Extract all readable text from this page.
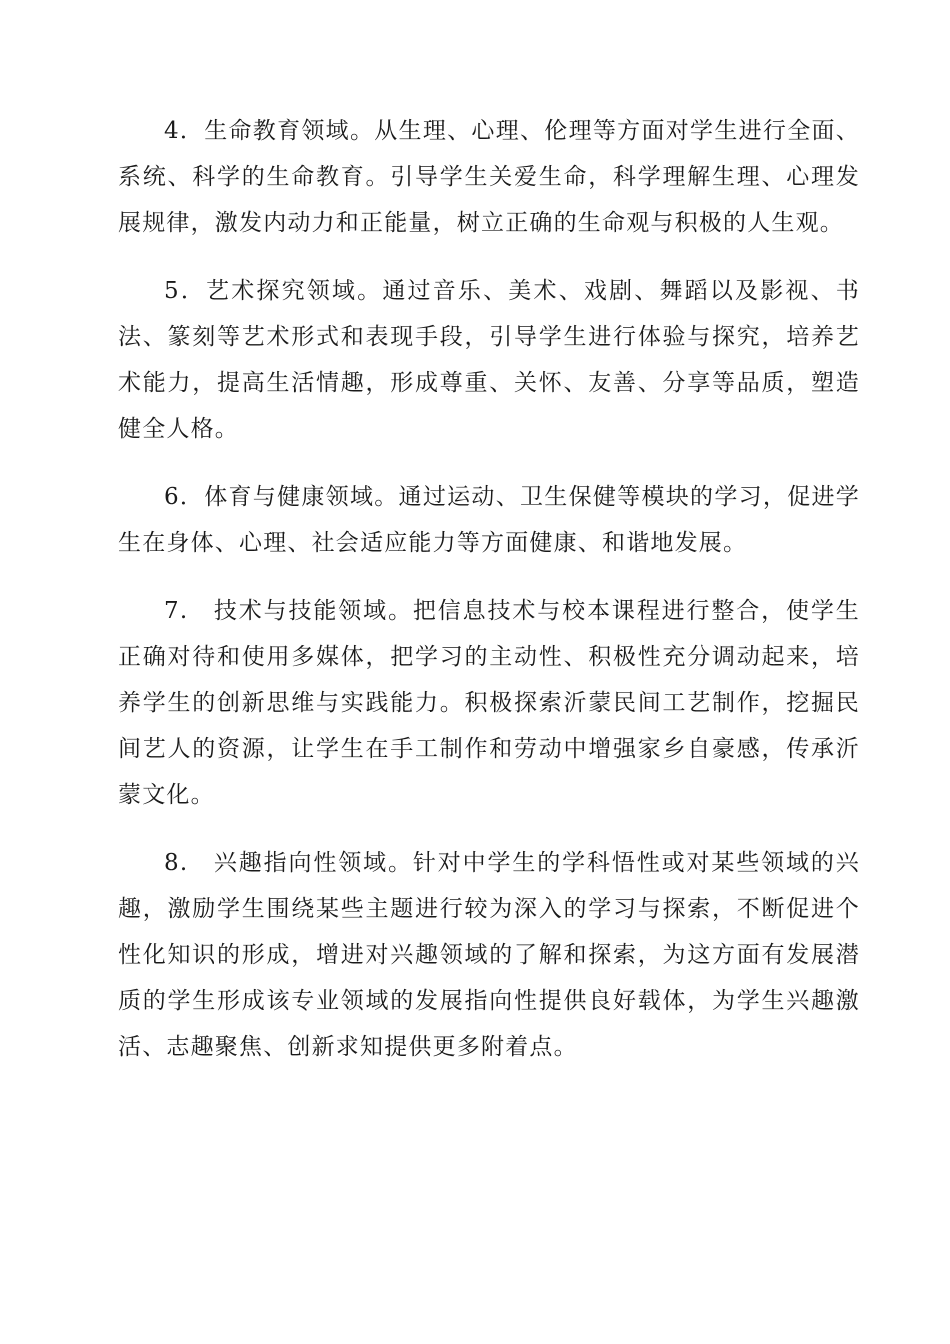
4．生命教育领域。从生理、心理、伦理等方面对学生进行全面、系统、科学的生命教育。引导学生关爱生命，科学理解生理、心理发展规律，激发内动力和正能量，树立正确的生命观与积极的人生观。

5．艺术探究领域。通过音乐、美术、戏剧、舞蹈以及影视、书法、篆刻等艺术形式和表现手段，引导学生进行体验与探究，培养艺术能力，提高生活情趣，形成尊重、关怀、友善、分享等品质，塑造健全人格。

6．体育与健康领域。通过运动、卫生保健等模块的学习，促进学生在身体、心理、社会适应能力等方面健康、和谐地发展。

7.　技术与技能领域。把信息技术与校本课程进行整合，使学生正确对待和使用多媒体，把学习的主动性、积极性充分调动起来，培养学生的创新思维与实践能力。积极探索沂蒙民间工艺制作，挖掘民间艺人的资源，让学生在手工制作和劳动中增强家乡自豪感，传承沂蒙文化。

8.　兴趣指向性领域。针对中学生的学科悟性或对某些领域的兴趣，激励学生围绕某些主题进行较为深入的学习与探索，不断促进个性化知识的形成，增进对兴趣领域的了解和探索，为这方面有发展潜质的学生形成该专业领域的发展指向性提供良好载体，为学生兴趣激活、志趣聚焦、创新求知提供更多附着点。
